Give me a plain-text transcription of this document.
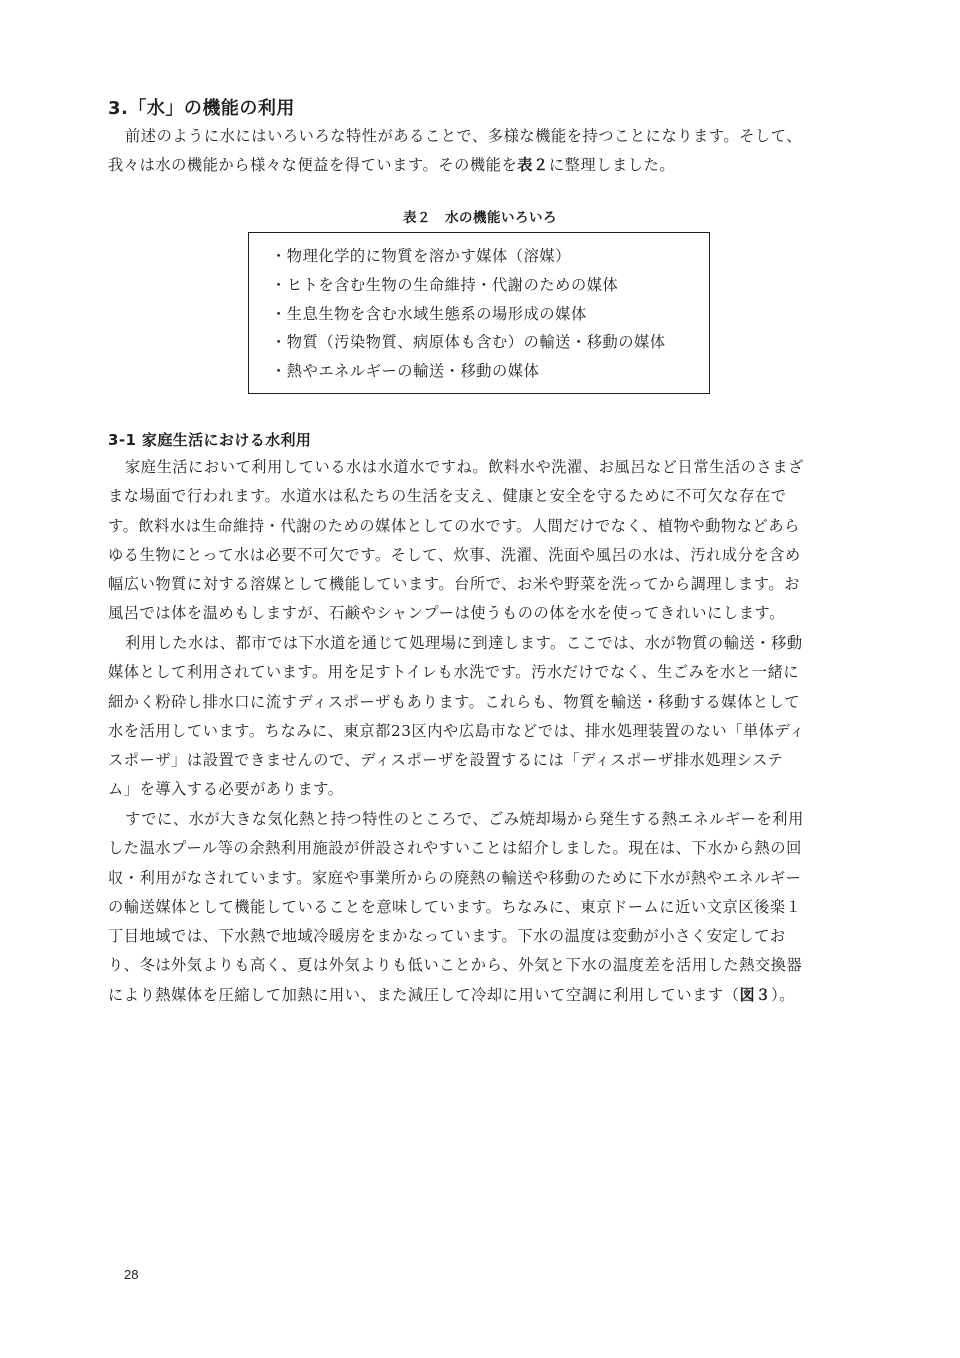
3.「水」の機能の利用
前述のように水にはいろいろな特性があることで、多様な機能を持つことになります。そして、
我々は水の機能から様々な便益を得ています。その機能を表２に整理しました。
表２ 水の機能いろいろ
・物理化学的に物質を溶かす媒体（溶媒）
・ヒトを含む生物の生命維持・代謝のための媒体
・生息生物を含む水域生態系の場形成の媒体
・物質（汚染物質、病原体も含む）の輸送・移動の媒体
・熱やエネルギーの輸送・移動の媒体
3-1 家庭生活における水利用
家庭生活において利用している水は水道水ですね。飲料水や洗濯、お風呂など日常生活のさまざ
まな場面で行われます。水道水は私たちの生活を支え、健康と安全を守るために不可欠な存在で
す。飲料水は生命維持・代謝のための媒体としての水です。人間だけでなく、植物や動物などあら
ゆる生物にとって水は必要不可欠です。そして、炊事、洗濯、洗面や風呂の水は、汚れ成分を含め
幅広い物質に対する溶媒として機能しています。台所で、お米や野菜を洗ってから調理します。お
風呂では体を温めもしますが、石鹸やシャンプーは使うものの体を水を使ってきれいにします。
利用した水は、都市では下水道を通じて処理場に到達します。ここでは、水が物質の輸送・移動
媒体として利用されています。用を足すトイレも水洗です。汚水だけでなく、生ごみを水と一緒に
細かく粉砕し排水口に流すディスポーザもあります。これらも、物質を輸送・移動する媒体として
水を活用しています。ちなみに、東京都23区内や広島市などでは、排水処理装置のない「単体ディ
スポーザ」は設置できませんので、ディスポーザを設置するには「ディスポーザ排水処理システ
ム」を導入する必要があります。
すでに、水が大きな気化熱と持つ特性のところで、ごみ焼却場から発生する熱エネルギーを利用
した温水プール等の余熱利用施設が併設されやすいことは紹介しました。現在は、下水から熱の回
収・利用がなされています。家庭や事業所からの廃熱の輸送や移動のために下水が熱やエネルギー
の輸送媒体として機能していることを意味しています。ちなみに、東京ドームに近い文京区後楽１
丁目地域では、下水熱で地域冷暖房をまかなっています。下水の温度は変動が小さく安定してお
り、冬は外気よりも高く、夏は外気よりも低いことから、外気と下水の温度差を活用した熱交換器
により熱媒体を圧縮して加熱に用い、また減圧して冷却に用いて空調に利用しています（図３）。
28
